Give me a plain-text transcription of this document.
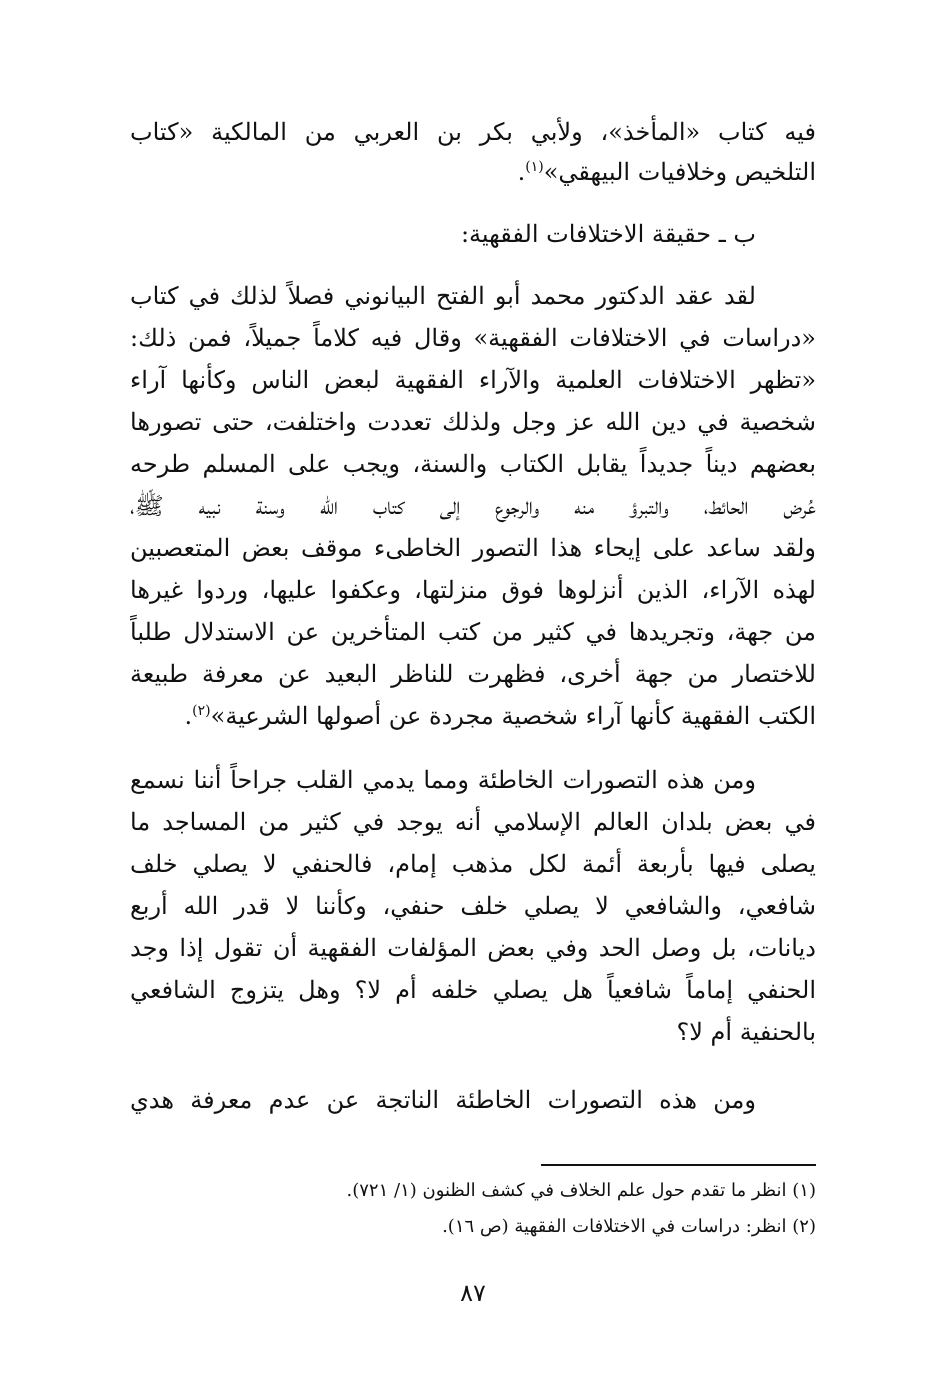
فيه كتاب «المأخذ»، ولأبي بكر بن العربي من المالكية «كتاب
التلخيص وخلافيات البيهقي»$^{(١)}$.
ب ـ حقيقة الاختلافات الفقهية:
لقد عقد الدكتور محمد أبو الفتح البيانوني فصلاً لذلك في كتاب
«دراسات في الاختلافات الفقهية» وقال فيه كلاماً جميلاً، فمن ذلك:
«تظهر الاختلافات العلمية والآراء الفقهية لبعض الناس وكأنها آراء
شخصية في دين الله عز وجل ولذلك تعددت واختلفت، حتى تصورها
بعضهم ديناً جديداً يقابل الكتاب والسنة، ويجب على المسلم طرحه
عُرض الحائط، والتبرؤ منه والرجوع إلى كتاب الله وسنة نبيه ﷺ،
ولقد ساعد على إيحاء هذا التصور الخاطىء موقف بعض المتعصبين
لهذه الآراء، الذين أنزلوها فوق منزلتها، وعكفوا عليها، وردوا غيرها
من جهة، وتجريدها في كثير من كتب المتأخرين عن الاستدلال طلباً
للاختصار من جهة أخرى، فظهرت للناظر البعيد عن معرفة طبيعة
الكتب الفقهية كأنها آراء شخصية مجردة عن أصولها الشرعية»$^{(٢)}$.
ومن هذه التصورات الخاطئة ومما يدمي القلب جراحاً أننا نسمع
في بعض بلدان العالم الإسلامي أنه يوجد في كثير من المساجد ما
يصلى فيها بأربعة أئمة لكل مذهب إمام، فالحنفي لا يصلي خلف
شافعي، والشافعي لا يصلي خلف حنفي، وكأننا لا قدر الله أربع
ديانات، بل وصل الحد وفي بعض المؤلفات الفقهية أن تقول إذا وجد
الحنفي إماماً شافعياً هل يصلي خلفه أم لا؟ وهل يتزوج الشافعي
بالحنفية أم لا؟
ومن هذه التصورات الخاطئة الناتجة عن عدم معرفة هدي
(١) انظر ما تقدم حول علم الخلاف في كشف الظنون (١/ ٧٢١).
(٢) انظر: دراسات في الاختلافات الفقهية (ص ١٦).
٨٧
